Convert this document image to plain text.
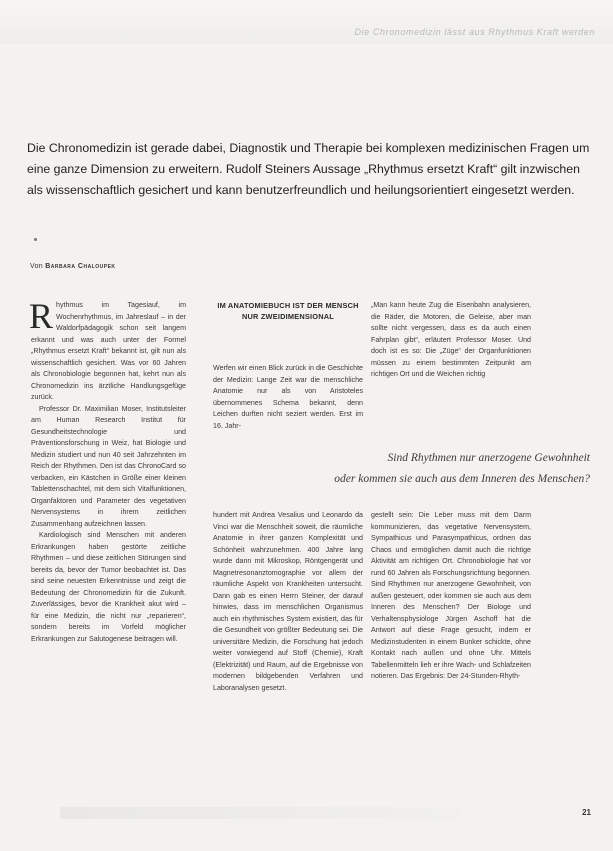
Die Chronomedizin lässt aus Rhythmus Kraft werden
Die Chronomedizin ist gerade dabei, Diagnostik und Therapie bei komplexen medizinischen Fragen um eine ganze Dimension zu erweitern. Rudolf Steiners Aussage „Rhythmus ersetzt Kraft“ gilt inzwischen als wissenschaftlich gesichert und kann benutzerfreundlich und heilungsorientiert eingesetzt werden.
Von Barbara Chaloupek

Rhythmus im Tagesiauf, im Wochenrhythmus, im Jahreslauf – in der Waldorfpädagogik schon seit langem erkannt und was auch unter der Formel „Rhythmus ersetzt Kraft“ bekannt ist, gilt nun als wissenschaftlich gesichert. Was vor 60 Jahren als Chronobiologie begonnen hat, kehrt nun als Chronomedizin ins ärztliche Handlungsgefüge zurück.

Professor Dr. Maximilian Moser, Institutsleiter am Human Research Institut für Gesundheitstechnologie und Präventionsforschung in Weiz, hat Biologie und Medizin studiert und nun 40 seit Jahrzehnten im Reich der Rhythmen. Den ist das ChronoCard so verbacken, ein Kästchen in Größe einer kleinen Tablettenschachtel, mit dem sich Vitalfunktionen, Organfaktoren und Parameter des vegetativen Nervensystems in ihrem zeitlichen Zusammenhang aufzeichnen lassen.

Kardiologisch sind Menschen mit anderen Erkrankungen haben gestörte zeitliche Rhythmen – und diese zeitlichen Störungen sind bereits da, bevor der Tumor beobachtet ist. Das sind seine neuesten Erkenntnisse und zeigt die Bedeutung der Chronomedizin für die Zukunft. Zuverlässiges, bevor die Krankheit akut wird – für eine Medizin, die nicht nur „reparieren“, sondern bereits im Vorfeld möglicher Erkrankungen zur Salutogenese beitragen will.

IM ANATOMIEBUCH IST DER MENSCH NUR ZWEIDIMENSIONAL
Werfen wir einen Blick zurück in die Geschichte der Medizin: Lange Zeit war die menschliche Anatomie nur als von Aristoteles übernommenes Schema bekannt, denn Leichen durften nicht seziert werden. Erst im 16. Jahr-
„Man kann heute Zug die Eisenbahn analysieren, die Räder, die Motoren, die Geleise, aber man sollte nicht vergessen, dass es da auch einen Fahrplan gibt“, erläutert Professor Moser. Und doch ist es so: Die „Züge“ der Organfunktionen müssen zu einem bestimmten Zeitpunkt am richtigen Ort und die Weichen richtig
Sind Rhythmen nur anerzogene Gewohnheit
oder kommen sie auch aus dem Inneren des Menschen?
hundert mit Andrea Vesalius und Leonardo da Vinci war die Menschheit soweit, die räumliche Anatomie in ihrer ganzen Komplexität und Schönheit wahrzunehmen. 400 Jahre lang wurde dann mit Mikroskop, Röntgengerät und Magnetresonanztomographie vor allem der räumliche Aspekt von Krankheiten untersucht. Dann gab es einen Herrn Steiner, der darauf hinwies, dass im menschlichen Organismus auch ein rhythmisches System existiert, das für die Gesundheit von größter Bedeutung sei. Die universitäre Medizin, die Forschung hat jedoch weiter vorwiegend auf Stoff (Chemie), Kraft (Elektrizität) und Raum, auf die Ergebnisse von modernen bildgebenden Verfahren und Laboranalysen gesetzt.
gestellt sein: Die Leber muss mit dem Darm kommunizieren, das vegetative Nervensystem, Sympathicus und Parasympathicus, ordnen das Chaos und ermöglichen damit auch die richtige Aktivität am richtigen Ort. Chronobiologie hat vor rund 60 Jahren als Forschungsrichtung begonnen. Sind Rhythmen nur anerzogene Gewohnheit, von außen gesteuert, oder kommen sie auch aus dem Inneren des Menschen? Der Biologe und Verhaltensphysiologe Jürgen Aschoff hat die Antwort auf diese Frage gesucht, indem er Medizinstudenten in einem Bunker schickte, ohne Kontakt nach außen und ohne Uhr. Mittels Tabellenmitteln lieh er ihre Wach- und Schlafzeiten notieren. Das Ergebnis: Der 24-Stunden-Rhyth-
21
